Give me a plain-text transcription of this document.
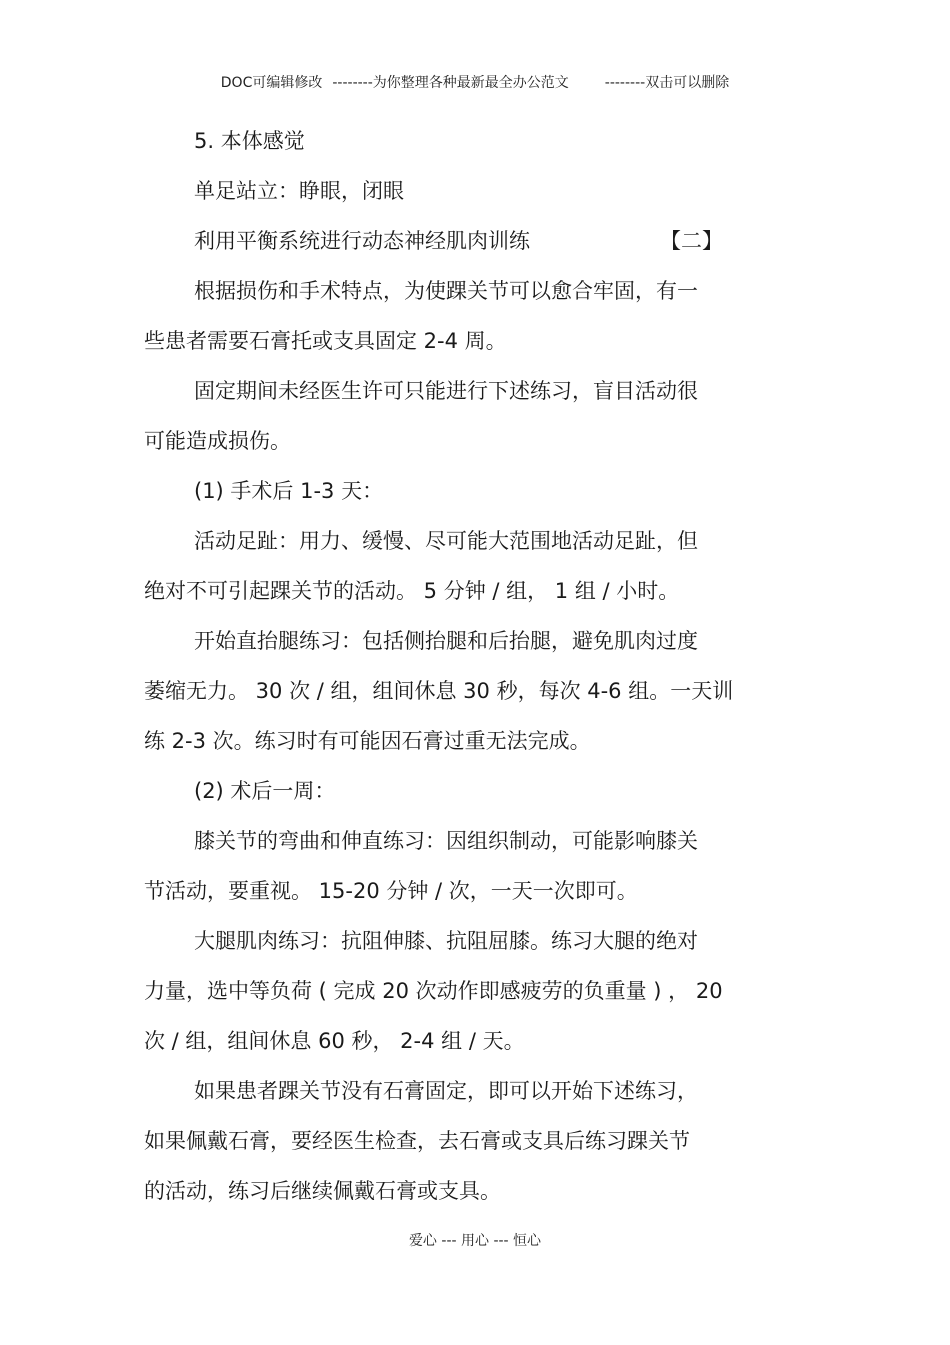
DOC可编辑修改 --------为你整理各种最新最全办公范文	--------双击可以删除
5. 本体感觉
单足站立：睁眼，闭眼
利用平衡系统进行动态神经肌肉训练	【二】
根据损伤和手术特点，为使踝关节可以愈合牢固，有一
些患者需要石膏托或支具固定 2-4 周。
固定期间未经医生许可只能进行下述练习，盲目活动很
可能造成损伤。
(1) 手术后 1-3 天：
活动足趾：用力、缓慢、尽可能大范围地活动足趾，但
绝对不可引起踝关节的活动。 5 分钟 / 组， 1 组 / 小时。
开始直抬腿练习：包括侧抬腿和后抬腿，避免肌肉过度
萎缩无力。 30 次 / 组，组间休息 30 秒，每次 4-6 组。一天训
练 2-3 次。练习时有可能因石膏过重无法完成。
(2) 术后一周：
膝关节的弯曲和伸直练习：因组织制动，可能影响膝关
节活动，要重视。 15-20 分钟 / 次，一天一次即可。
大腿肌肉练习：抗阻伸膝、抗阻屈膝。练习大腿的绝对
力量，选中等负荷 ( 完成 20 次动作即感疲劳的负重量 ) ， 20
次 / 组，组间休息 60 秒， 2-4 组 / 天。
如果患者踝关节没有石膏固定，即可以开始下述练习，
如果佩戴石膏，要经医生检查，去石膏或支具后练习踝关节
的活动，练习后继续佩戴石膏或支具。
爱心 --- 用心 --- 恒心
